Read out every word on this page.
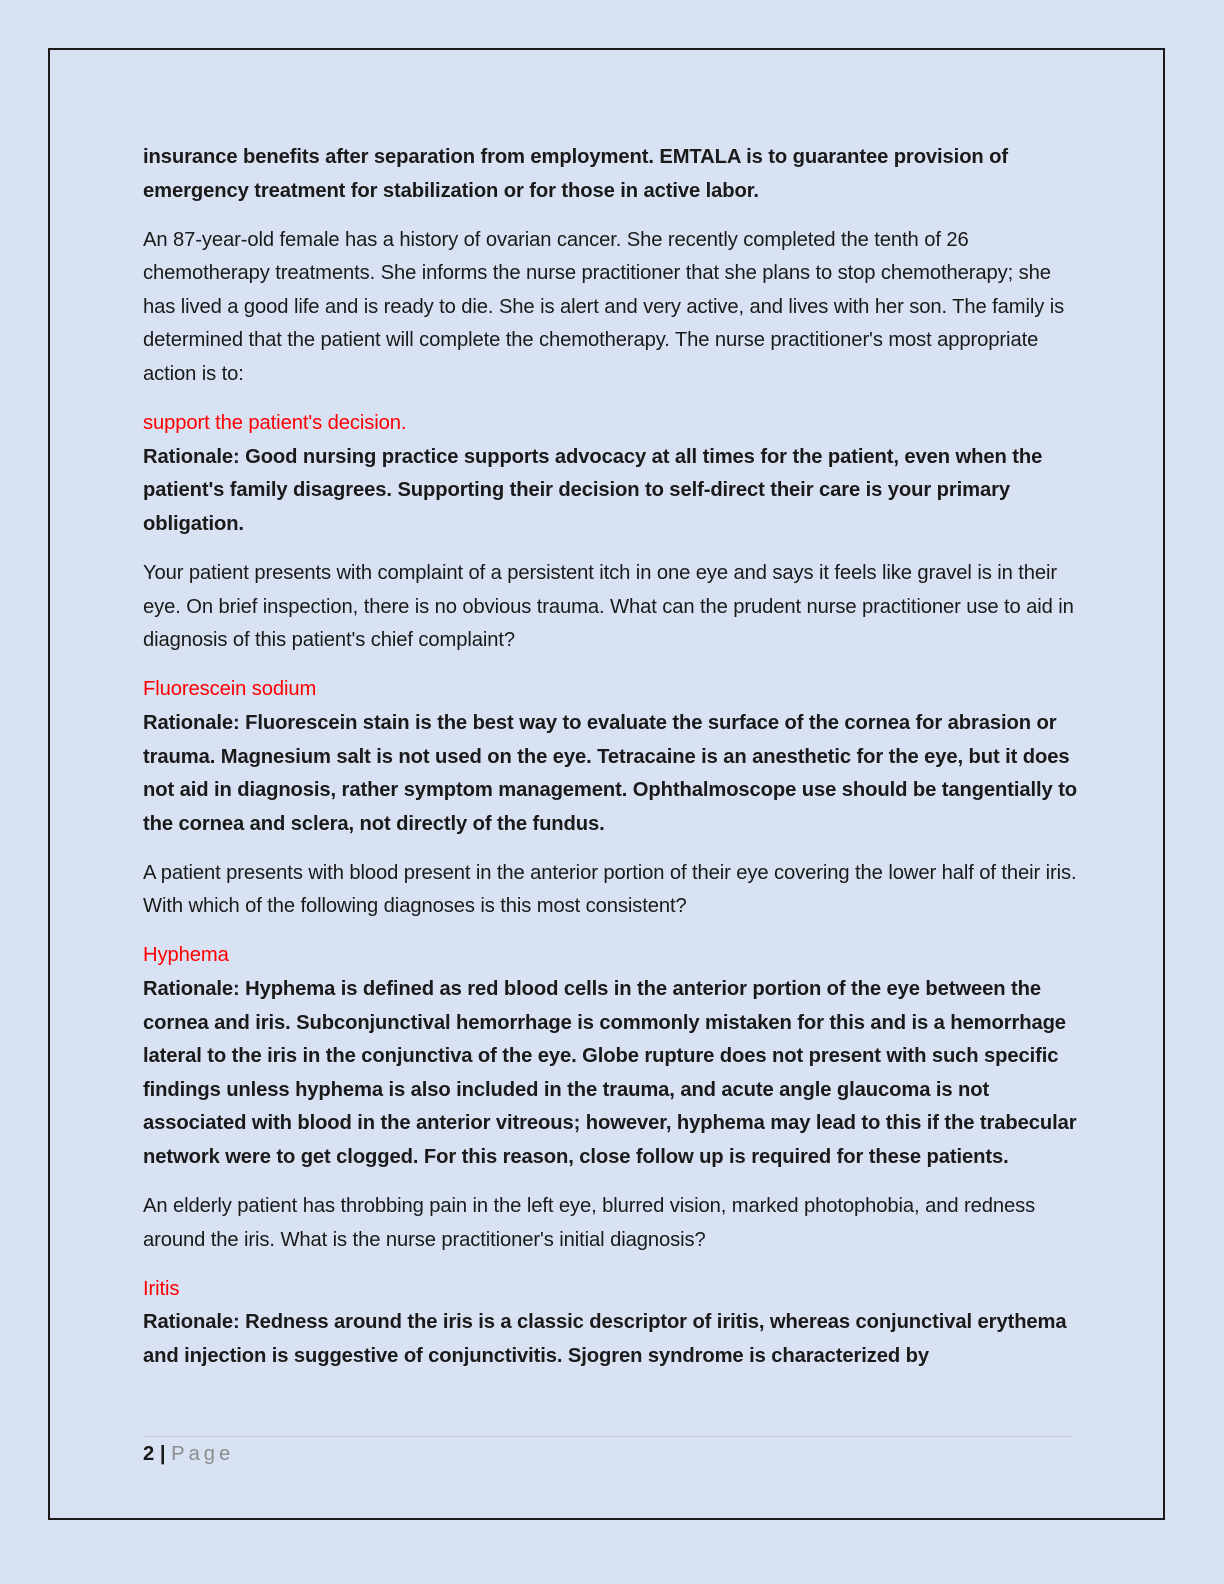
insurance benefits after separation from employment. EMTALA is to guarantee provision of emergency treatment for stabilization or for those in active labor.

An 87-year-old female has a history of ovarian cancer. She recently completed the tenth of 26 chemotherapy treatments. She informs the nurse practitioner that she plans to stop chemotherapy; she has lived a good life and is ready to die. She is alert and very active, and lives with her son. The family is determined that the patient will complete the chemotherapy. The nurse practitioner's most appropriate action is to:

support the patient's decision.
Rationale: Good nursing practice supports advocacy at all times for the patient, even when the patient's family disagrees. Supporting their decision to self-direct their care is your primary obligation.

Your patient presents with complaint of a persistent itch in one eye and says it feels like gravel is in their eye. On brief inspection, there is no obvious trauma. What can the prudent nurse practitioner use to aid in diagnosis of this patient's chief complaint?

Fluorescein sodium
Rationale: Fluorescein stain is the best way to evaluate the surface of the cornea for abrasion or trauma. Magnesium salt is not used on the eye. Tetracaine is an anesthetic for the eye, but it does not aid in diagnosis, rather symptom management. Ophthalmoscope use should be tangentially to the cornea and sclera, not directly of the fundus.

A patient presents with blood present in the anterior portion of their eye covering the lower half of their iris. With which of the following diagnoses is this most consistent?

Hyphema
Rationale: Hyphema is defined as red blood cells in the anterior portion of the eye between the cornea and iris. Subconjunctival hemorrhage is commonly mistaken for this and is a hemorrhage lateral to the iris in the conjunctiva of the eye. Globe rupture does not present with such specific findings unless hyphema is also included in the trauma, and acute angle glaucoma is not associated with blood in the anterior vitreous; however, hyphema may lead to this if the trabecular network were to get clogged. For this reason, close follow up is required for these patients.

An elderly patient has throbbing pain in the left eye, blurred vision, marked photophobia, and redness around the iris. What is the nurse practitioner's initial diagnosis?

Iritis
Rationale: Redness around the iris is a classic descriptor of iritis, whereas conjunctival erythema and injection is suggestive of conjunctivitis. Sjogren syndrome is characterized by
2 | Page
